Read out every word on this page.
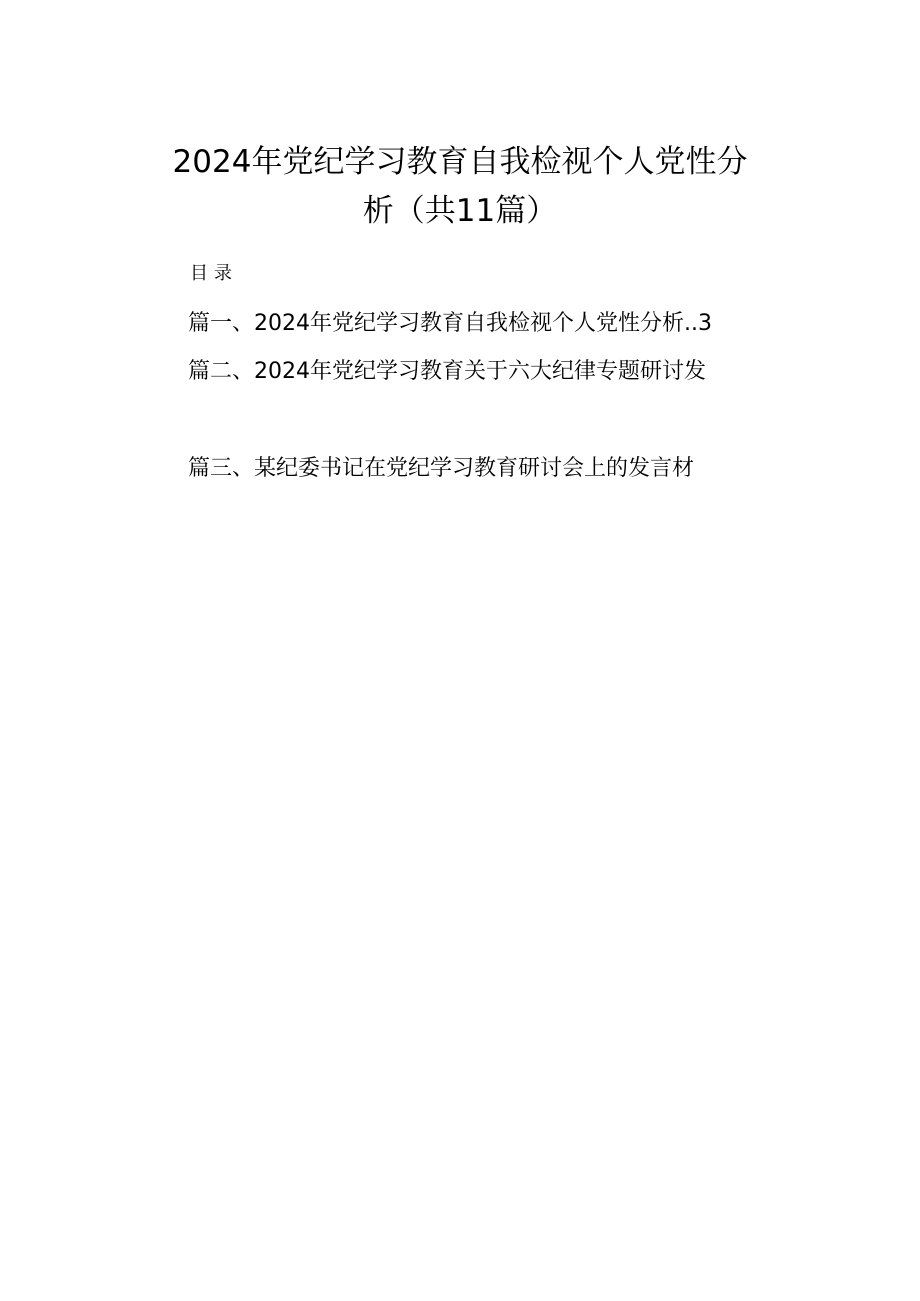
2024年党纪学习教育自我检视个人党性分
析（共11篇）
目录
篇一、2024年党纪学习教育自我检视个人党性分析..3
篇二、2024年党纪学习教育关于六大纪律专题研讨发
篇三、某纪委书记在党纪学习教育研讨会上的发言材
